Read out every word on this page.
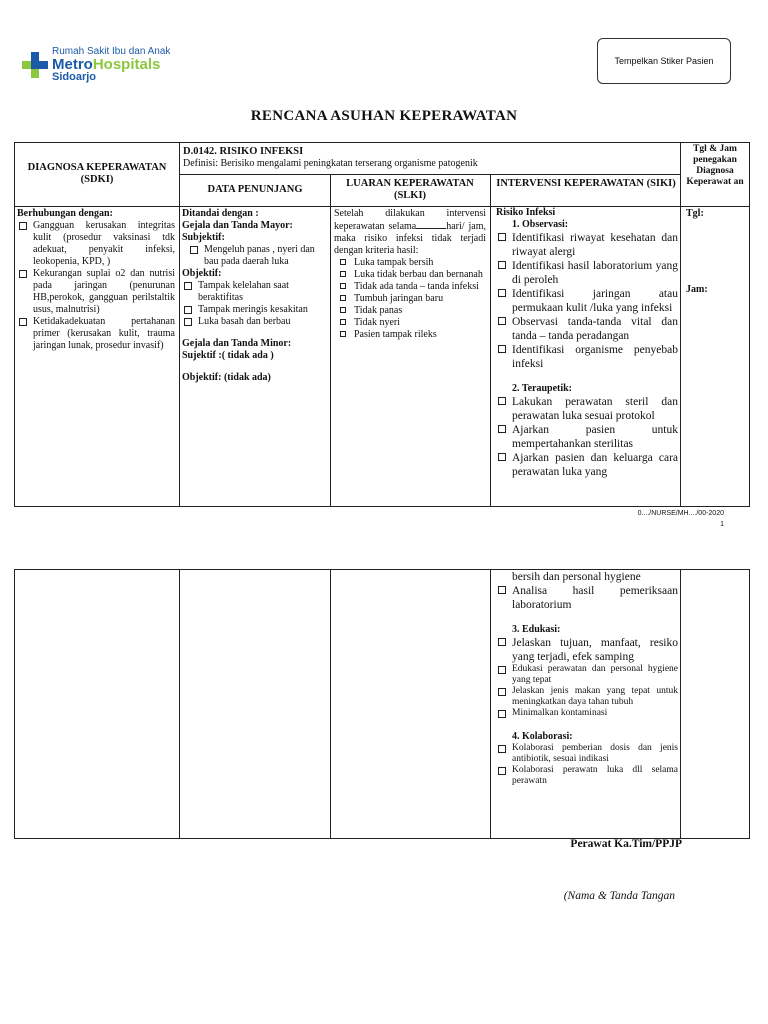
Rumah Sakit Ibu dan Anak
MetroHospitals
Sidoarjo
Tempelkan Stiker Pasien
RENCANA ASUHAN KEPERAWATAN
DIAGNOSA KEPERAWATAN (SDKI)
D.0142. RISIKO INFEKSI
Definisi: Berisiko mengalami peningkatan terserang organisme patogenik
DATA PENUNJANG
LUARAN KEPERAWATAN (SLKI)
INTERVENSI KEPERAWATAN (SIKI)
Tgl & Jam penegakan Diagnosa Keperawat an
Berhubungan dengan:
Gangguan kerusakan integritas kulit (prosedur vaksinasi tdk adekuat, penyakit infeksi, leokopenia, KPD, )
Kekurangan suplai o2 dan nutrisi pada jaringan (penurunan HB,perokok, gangguan perilstaltik usus, malnutrisi)
Ketidakadekuatan pertahanan primer (kerusakan kulit, trauma jaringan lunak, prosedur invasif)
Ditandai dengan :
Gejala dan Tanda Mayor:
Subjektif:
Mengeluh panas , nyeri dan bau pada daerah luka
Objektif:
Tampak kelelahan saat beraktifitas
Tampak meringis kesakitan
Luka basah dan berbau
Gejala dan Tanda Minor:
Sujektif :( tidak ada )
Objektif: (tidak ada)
Setelah dilakukan intervensi keperawatan selama	hari/ jam, maka risiko infeksi tidak terjadi dengan kriteria hasil:
Luka tampak bersih
Luka tidak berbau dan bernanah
Tidak ada tanda – tanda infeksi
Tumbuh jaringan baru
Tidak panas
Tidak nyeri
Pasien tampak rileks
Risiko Infeksi
1. Observasi:
Identifikasi riwayat kesehatan dan riwayat alergi
Identifikasi hasil laboratorium yang di peroleh
Identifikasi jaringan atau permukaan kulit /luka yang infeksi
Observasi tanda-tanda vital dan tanda – tanda peradangan
Identifikasi organisme penyebab infeksi
2. Teraupetik:
Lakukan perawatan steril dan perawatan luka sesuai protokol
Ajarkan pasien untuk mempertahankan sterilitas
Ajarkan pasien dan keluarga cara perawatan luka yang
Tgl:
Jam:
0..../NURSE/MH..../00-2020
1
bersih dan personal hygiene
Analisa hasil pemeriksaan laboratorium
3. Edukasi:
Jelaskan tujuan, manfaat, resiko yang terjadi, efek samping
Edukasi perawatan dan personal hygiene yang tepat
Jelaskan jenis makan yang tepat untuk meningkatkan daya tahan tubuh
Minimalkan kontaminasi
4. Kolaborasi:
Kolaborasi pemberian dosis dan jenis antibiotik, sesuai indikasi
Kolaborasi perawatn luka dll selama perawatn
Perawat Ka.Tim/PPJP
(Nama & Tanda Tangan
